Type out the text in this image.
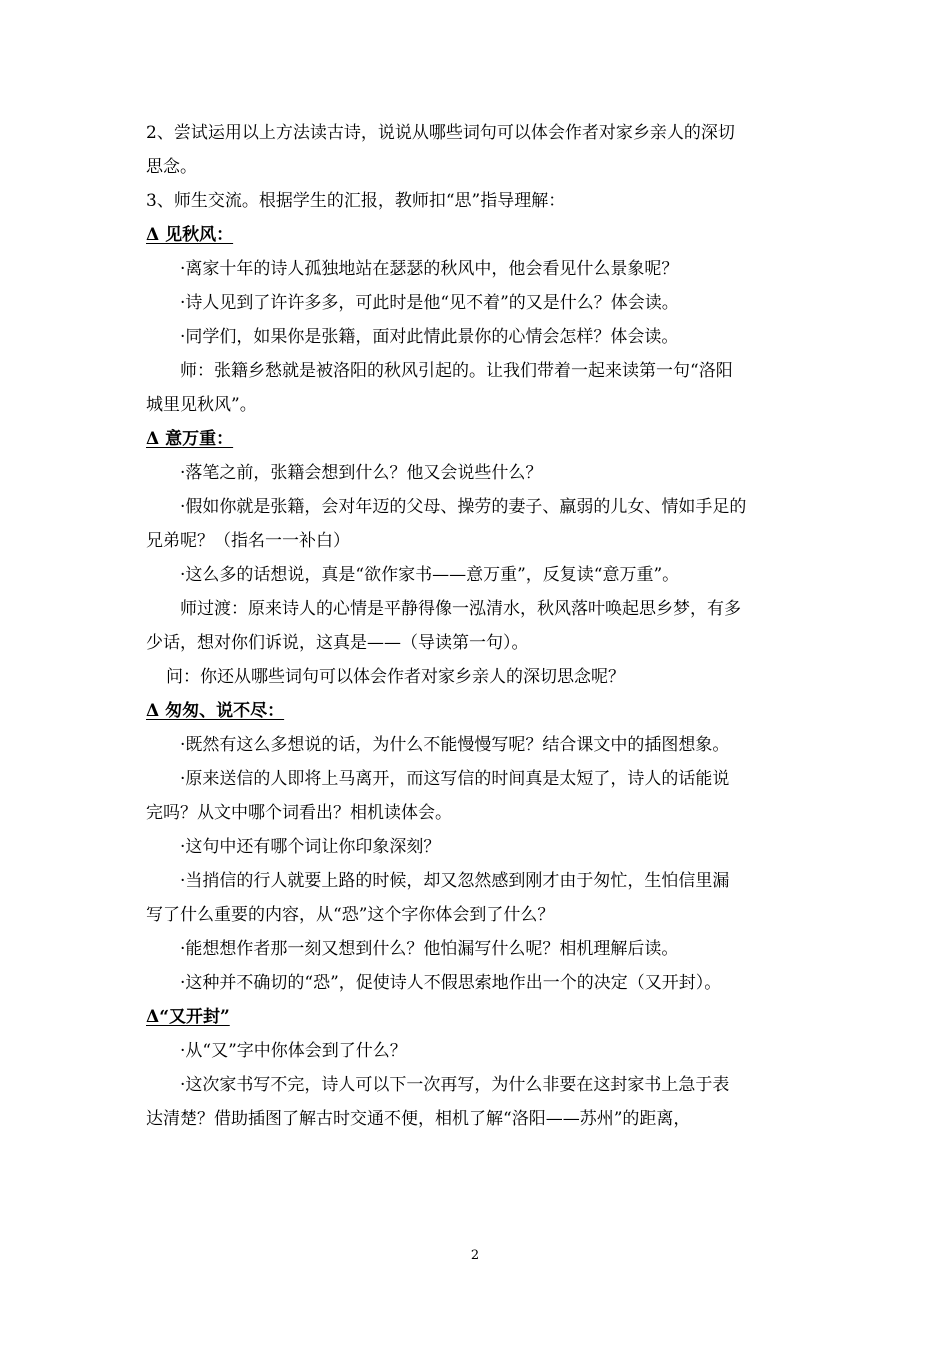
2、尝试运用以上方法读古诗，说说从哪些词句可以体会作者对家乡亲人的深切

思念。

3、师生交流。根据学生的汇报，教师扣“思”指导理解：

Δ 见秋风：

·离家十年的诗人孤独地站在瑟瑟的秋风中，他会看见什么景象呢？

·诗人见到了许许多多，可此时是他“见不着”的又是什么？体会读。

·同学们，如果你是张籍，面对此情此景你的心情会怎样？体会读。

师：张籍乡愁就是被洛阳的秋风引起的。让我们带着一起来读第一句“洛阳

城里见秋风”。

Δ 意万重：

·落笔之前，张籍会想到什么？他又会说些什么？

·假如你就是张籍，会对年迈的父母、操劳的妻子、羸弱的儿女、情如手足的

兄弟呢？（指名一一补白）

·这么多的话想说，真是“欲作家书——意万重”，反复读“意万重”。

师过渡：原来诗人的心情是平静得像一泓清水，秋风落叶唤起思乡梦，有多

少话，想对你们诉说，这真是——（导读第一句）。

问：你还从哪些词句可以体会作者对家乡亲人的深切思念呢？

Δ 匆匆、说不尽：

·既然有这么多想说的话，为什么不能慢慢写呢？结合课文中的插图想象。

·原来送信的人即将上马离开，而这写信的时间真是太短了，诗人的话能说

完吗？从文中哪个词看出？相机读体会。

·这句中还有哪个词让你印象深刻？

·当捎信的行人就要上路的时候，却又忽然感到刚才由于匆忙，生怕信里漏

写了什么重要的内容，从“恐”这个字你体会到了什么？

·能想想作者那一刻又想到什么？他怕漏写什么呢？相机理解后读。

·这种并不确切的“恐”，促使诗人不假思索地作出一个的决定（又开封）。

Δ“又开封”

·从“又”字中你体会到了什么？

·这次家书写不完，诗人可以下一次再写，为什么非要在这封家书上急于表

达清楚？借助插图了解古时交通不便，相机了解“洛阳——苏州”的距离，

2
